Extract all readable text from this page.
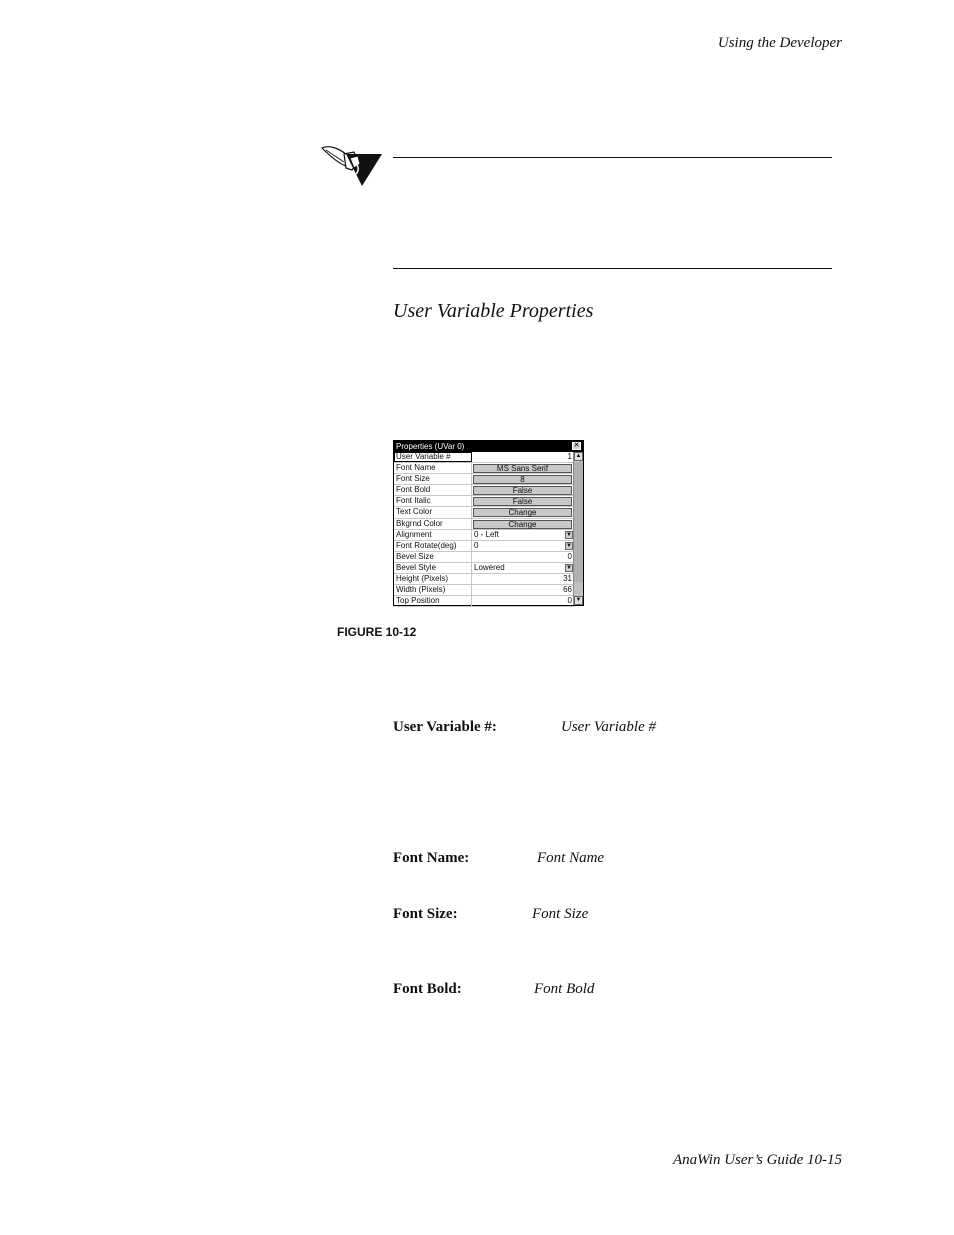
Using the Developer
User Variable Properties
Properties (UVar 0)	✕
User Variable #	1
Font Name	MS Sans Serif
Font Size	8
Font Bold	False
Font Italic	False
Text Color	Change
Bkgrnd Color	Change
Alignment	0 - Left	▼
Font Rotate(deg)	0	▼
Bevel Size	0
Bevel Style	Lowered	▼
Height (Pixels)	31
Width (Pixels)	66
Top Position	0
▲
▼
FIGURE 10-12
User Variable #:	User Variable #
Font Name:	Font Name
Font Size:	Font Size
Font Bold:	Font Bold
AnaWin User’s Guide 10-15
